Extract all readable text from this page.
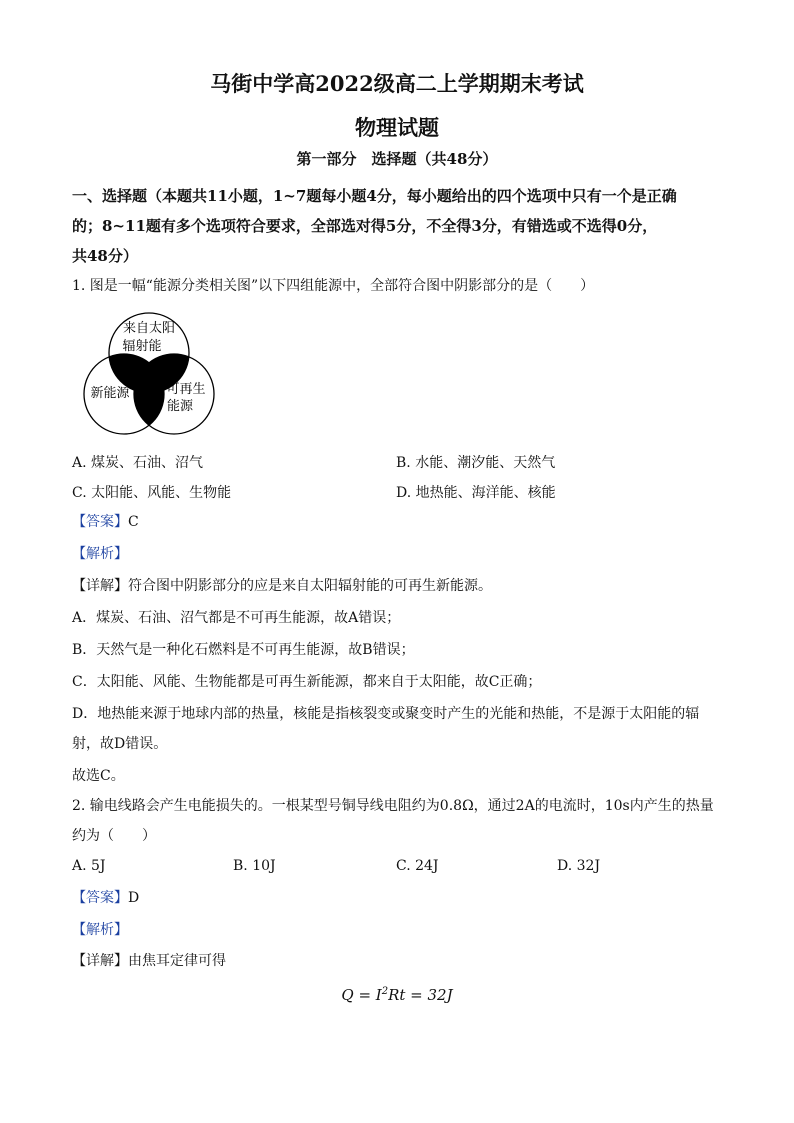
马街中学高2022级高二上学期期末考试
物理试题
第一部分　选择题（共48分）
一、选择题（本题共11小题，1~7题每小题4分，每小题给出的四个选项中只有一个是正确
的；8~11题有多个选项符合要求，全部选对得5分，不全得3分，有错选或不选得0分，
共48分）
1. 图是一幅“能源分类相关图”以下四组能源中，全部符合图中阴影部分的是（　　）
来自太阳
辐射能
新能源	可再生
能源
A. 煤炭、石油、沼气	B. 水能、潮汐能、天然气
C. 太阳能、风能、生物能	D. 地热能、海洋能、核能
【答案】C
【解析】
【详解】符合图中阴影部分的应是来自太阳辐射能的可再生新能源。
A．煤炭、石油、沼气都是不可再生能源，故A错误；
B．天然气是一种化石燃料是不可再生能源，故B错误；
C．太阳能、风能、生物能都是可再生新能源，都来自于太阳能，故C正确；
D．地热能来源于地球内部的热量，核能是指核裂变或聚变时产生的光能和热能，不是源于太阳能的辐
射，故D错误。
故选C。
2. 输电线路会产生电能损失的。一根某型号铜导线电阻约为0.8Ω，通过2A的电流时，10s内产生的热量
约为（　　）
A. 5J	B. 10J	C. 24J	D. 32J
【答案】D
【解析】
【详解】由焦耳定律可得
$Q = I^2Rt = 32J$
